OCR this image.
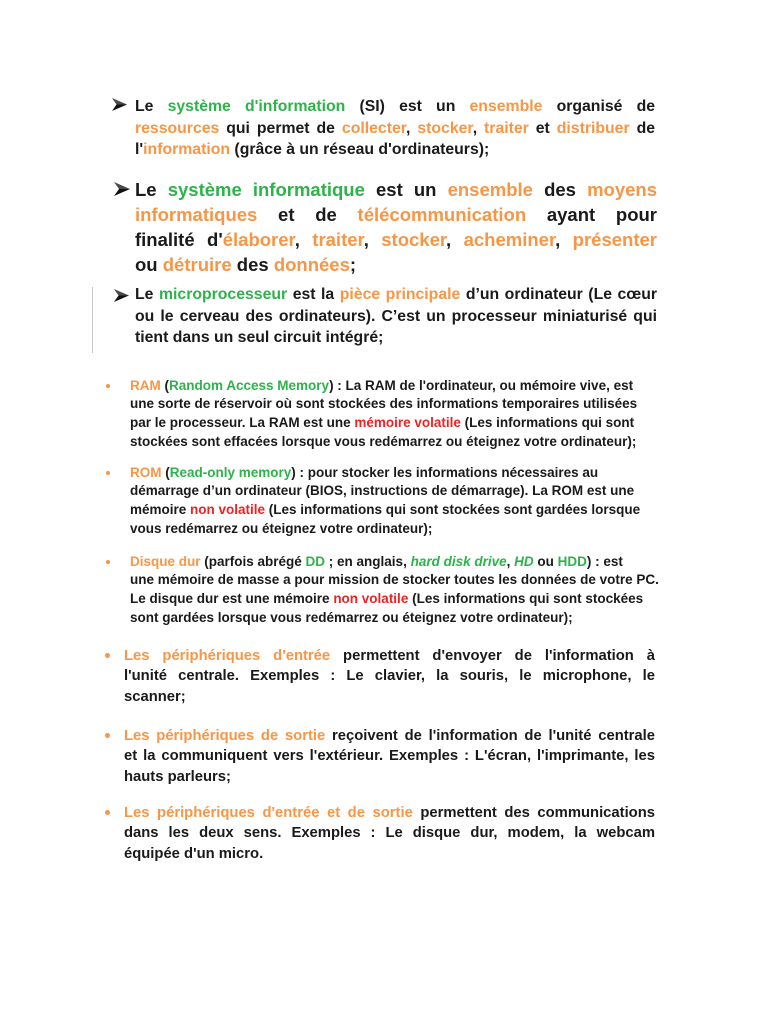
Le système d'information (SI) est un ensemble organisé de
ressources qui permet de collecter, stocker, traiter et distribuer de
l'information (grâce à un réseau d'ordinateurs);
Le système informatique est un ensemble des moyens
informatiques et de télécommunication ayant pour
finalité d'élaborer, traiter, stocker, acheminer, présenter
ou détruire des données;
Le microprocesseur est la pièce principale d’un ordinateur (Le cœur
ou le cerveau des ordinateurs). C’est un processeur miniaturisé qui
tient dans un seul circuit intégré;
RAM (Random Access Memory) : La RAM de l'ordinateur, ou mémoire vive, est
une sorte de réservoir où sont stockées des informations temporaires utilisées
par le processeur. La RAM est une mémoire volatile (Les informations qui sont
stockées sont effacées lorsque vous redémarrez ou éteignez votre ordinateur);
ROM (Read-only memory) : pour stocker les informations nécessaires au
démarrage d’un ordinateur (BIOS, instructions de démarrage). La ROM est une
mémoire non volatile (Les informations qui sont stockées sont gardées lorsque
vous redémarrez ou éteignez votre ordinateur);
Disque dur (parfois abrégé DD ; en anglais, hard disk drive, HD ou HDD) : est
une mémoire de masse a pour mission de stocker toutes les données de votre PC.
Le disque dur est une mémoire non volatile (Les informations qui sont stockées
sont gardées lorsque vous redémarrez ou éteignez votre ordinateur);
Les périphériques d'entrée permettent d'envoyer de l'information à
l'unité centrale. Exemples : Le clavier, la souris, le microphone, le
scanner;
Les périphériques de sortie reçoivent de l'information de l'unité centrale
et la communiquent vers l'extérieur. Exemples : L'écran, l'imprimante, les
hauts parleurs;
Les périphériques d'entrée et de sortie permettent des communications
dans les deux sens. Exemples : Le disque dur, modem, la webcam
équipée d'un micro.
